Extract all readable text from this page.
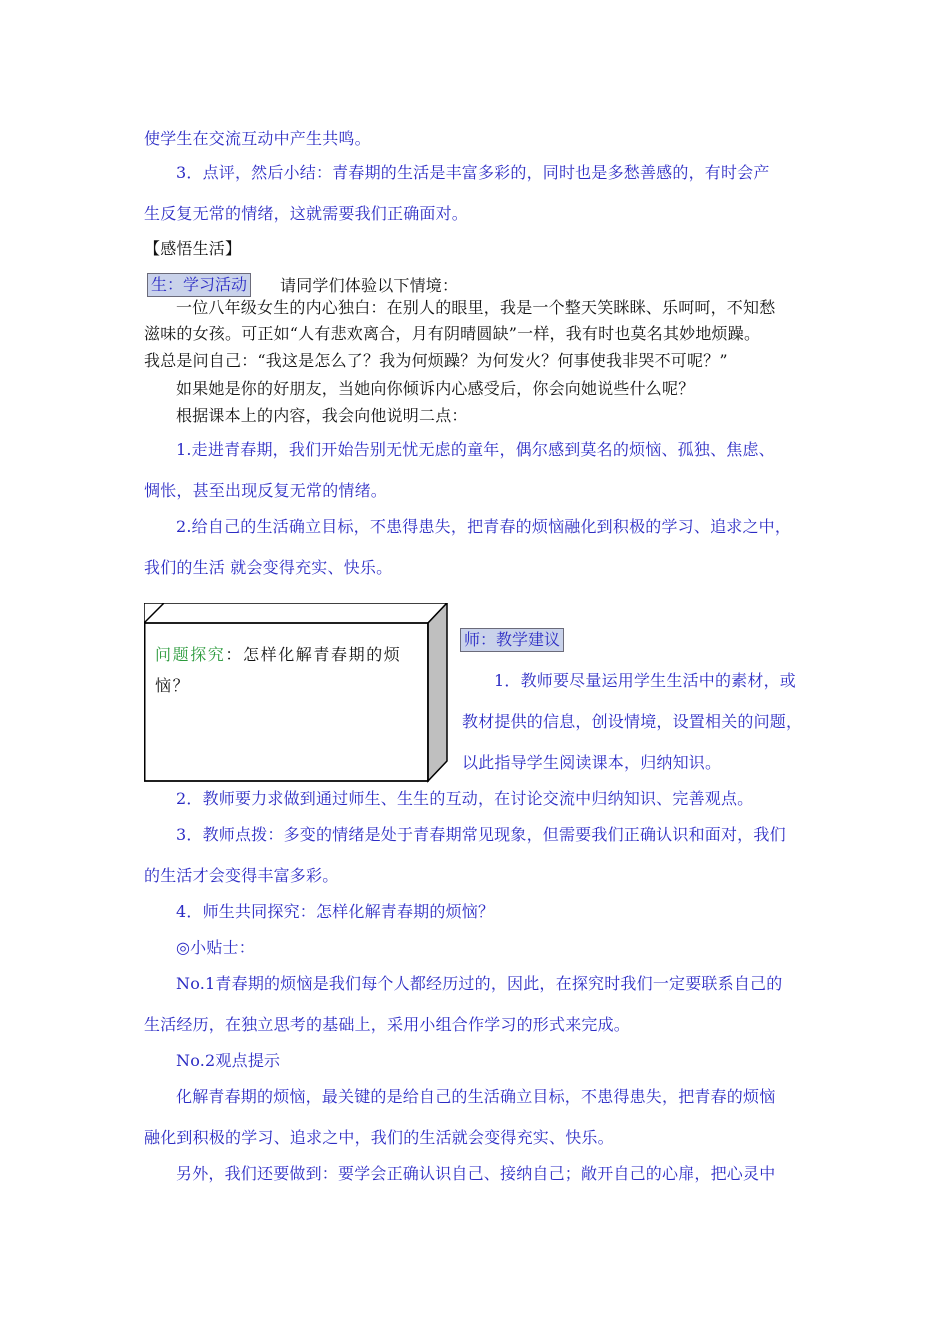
使学生在交流互动中产生共鸣。
3．点评，然后小结：青春期的生活是丰富多彩的，同时也是多愁善感的，有时会产
生反复无常的情绪，这就需要我们正确面对。
【感悟生活】
生：学习活动 请同学们体验以下情境：
一位八年级女生的内心独白：在别人的眼里，我是一个整天笑眯眯、乐呵呵，不知愁
滋味的女孩。可正如“人有悲欢离合，月有阴晴圆缺”一样，我有时也莫名其妙地烦躁。
我总是问自己：“我这是怎么了？我为何烦躁？为何发火？何事使我非哭不可呢？”
如果她是你的好朋友，当她向你倾诉内心感受后，你会向她说些什么呢？
根据课本上的内容，我会向他说明二点：
1.走进青春期，我们开始告别无忧无虑的童年，偶尔感到莫名的烦恼、孤独、焦虑、
惆怅，甚至出现反复无常的情绪。
2.给自己的生活确立目标，不患得患失，把青春的烦恼融化到积极的学习、追求之中，
我们的生活 就会变得充实、快乐。
问题探究：怎样化解青春期的烦
恼？
师：教学建议
1．教师要尽量运用学生生活中的素材，或
教材提供的信息，创设情境，设置相关的问题，
以此指导学生阅读课本，归纳知识。
2．教师要力求做到通过师生、生生的互动，在讨论交流中归纳知识、完善观点。
3．教师点拨：多变的情绪是处于青春期常见现象，但需要我们正确认识和面对，我们
的生活才会变得丰富多彩。
4．师生共同探究：怎样化解青春期的烦恼？
◎小贴士：
No.1青春期的烦恼是我们每个人都经历过的，因此，在探究时我们一定要联系自己的
生活经历，在独立思考的基础上，采用小组合作学习的形式来完成。
No.2观点提示
化解青春期的烦恼，最关键的是给自己的生活确立目标，不患得患失，把青春的烦恼
融化到积极的学习、追求之中，我们的生活就会变得充实、快乐。
另外，我们还要做到：要学会正确认识自己、接纳自己；敞开自己的心扉，把心灵中
